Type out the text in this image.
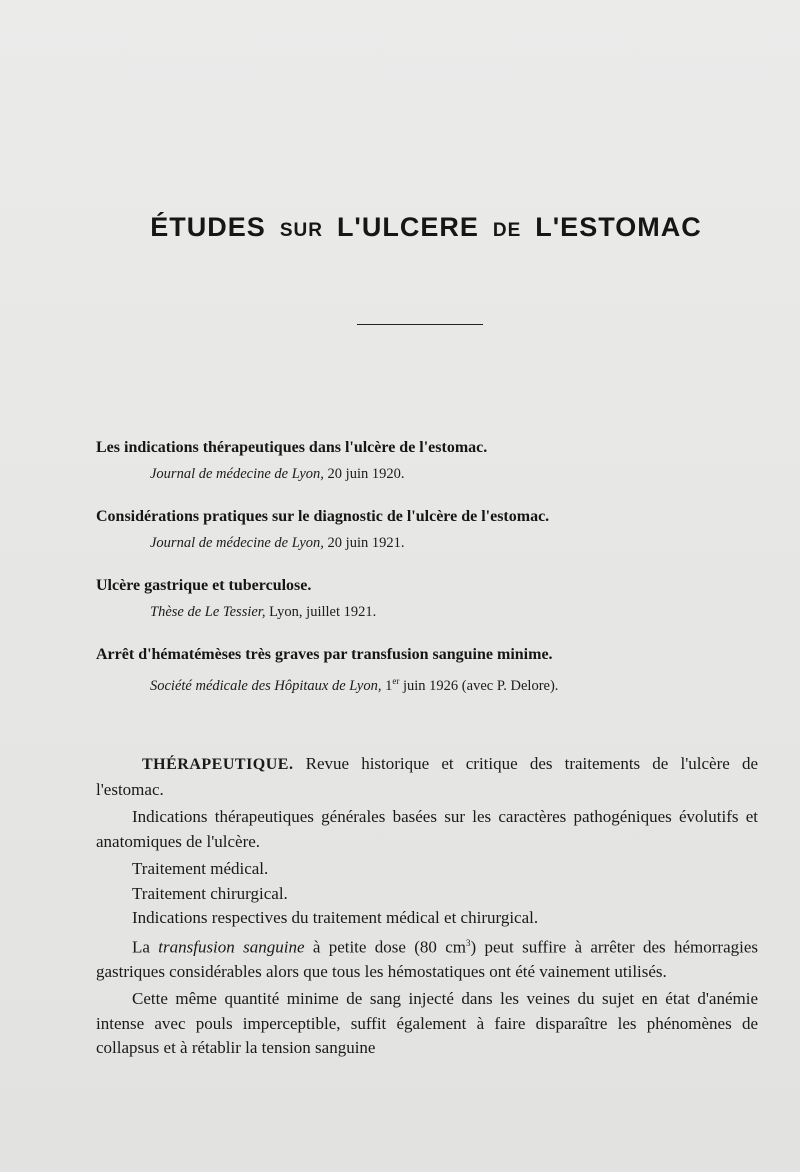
ÉTUDES SUR L'ULCERE DE L'ESTOMAC
Les indications thérapeutiques dans l'ulcère de l'estomac.
Journal de médecine de Lyon, 20 juin 1920.
Considérations pratiques sur le diagnostic de l'ulcère de l'estomac.
Journal de médecine de Lyon, 20 juin 1921.
Ulcère gastrique et tuberculose.
Thèse de Le Tessier, Lyon, juillet 1921.
Arrêt d'hématémèses très graves par transfusion sanguine minime.
Société médicale des Hôpitaux de Lyon, 1er juin 1926 (avec P. Delore).

THÉRAPEUTIQUE. Revue historique et critique des traitements de l'ulcère de l'estomac.

Indications thérapeutiques générales basées sur les caractères pathogéniques évolutifs et anatomiques de l'ulcère.

Traitement médical.
Traitement chirurgical.
Indications respectives du traitement médical et chirurgical.

La transfusion sanguine à petite dose (80 $cm^3$) peut suffire à arrêter des hémorragies gastriques considérables alors que tous les hémostatiques ont été vainement utilisés.

Cette même quantité minime de sang injecté dans les veines du sujet en état d'anémie intense avec pouls imperceptible, suffit également à faire disparaître les phénomènes de collapsus et à rétablir la tension sanguine
